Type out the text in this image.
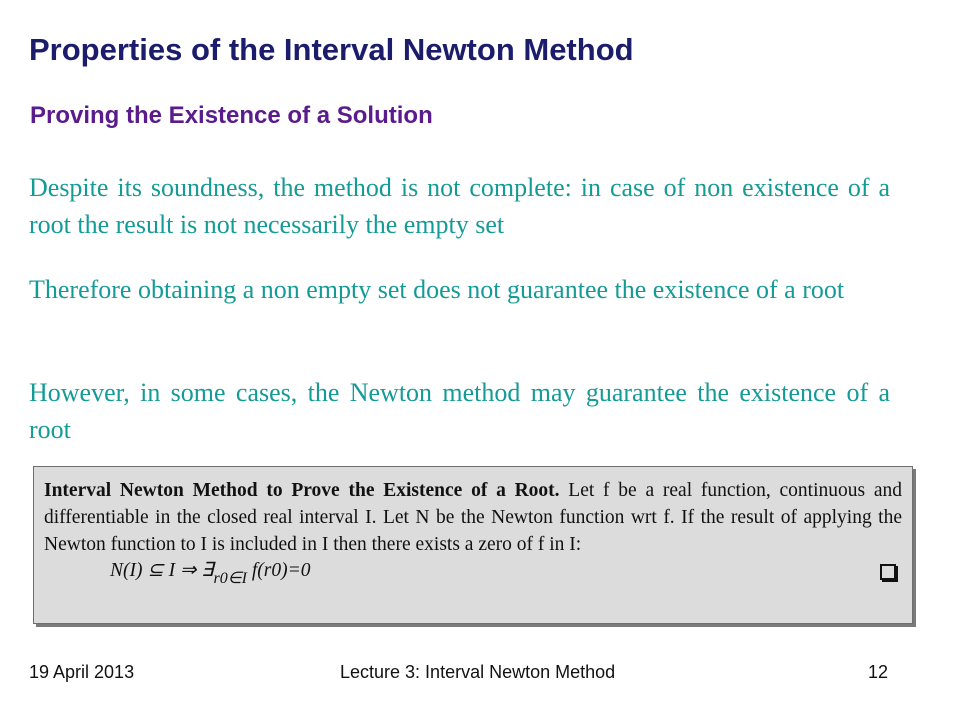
Properties of the Interval Newton Method
Proving the Existence of a Solution
Despite its soundness, the method is not complete: in case of non existence of a root the result is not necessarily the empty set
Therefore obtaining a non empty set does not guarantee the existence of a root
However, in some cases, the Newton method may guarantee the existence of a root
Interval Newton Method to Prove the Existence of a Root. Let f be a real function, continuous and differentiable in the closed real interval I. Let N be the Newton function wrt f. If the result of applying the Newton function to I is included in I then there exists a zero of f in I:
N(I) ⊆ I ⇒ $\exists_{r0\in I}$ f(r0)=0
19 April 2013	Lecture 3: Interval Newton Method	12
